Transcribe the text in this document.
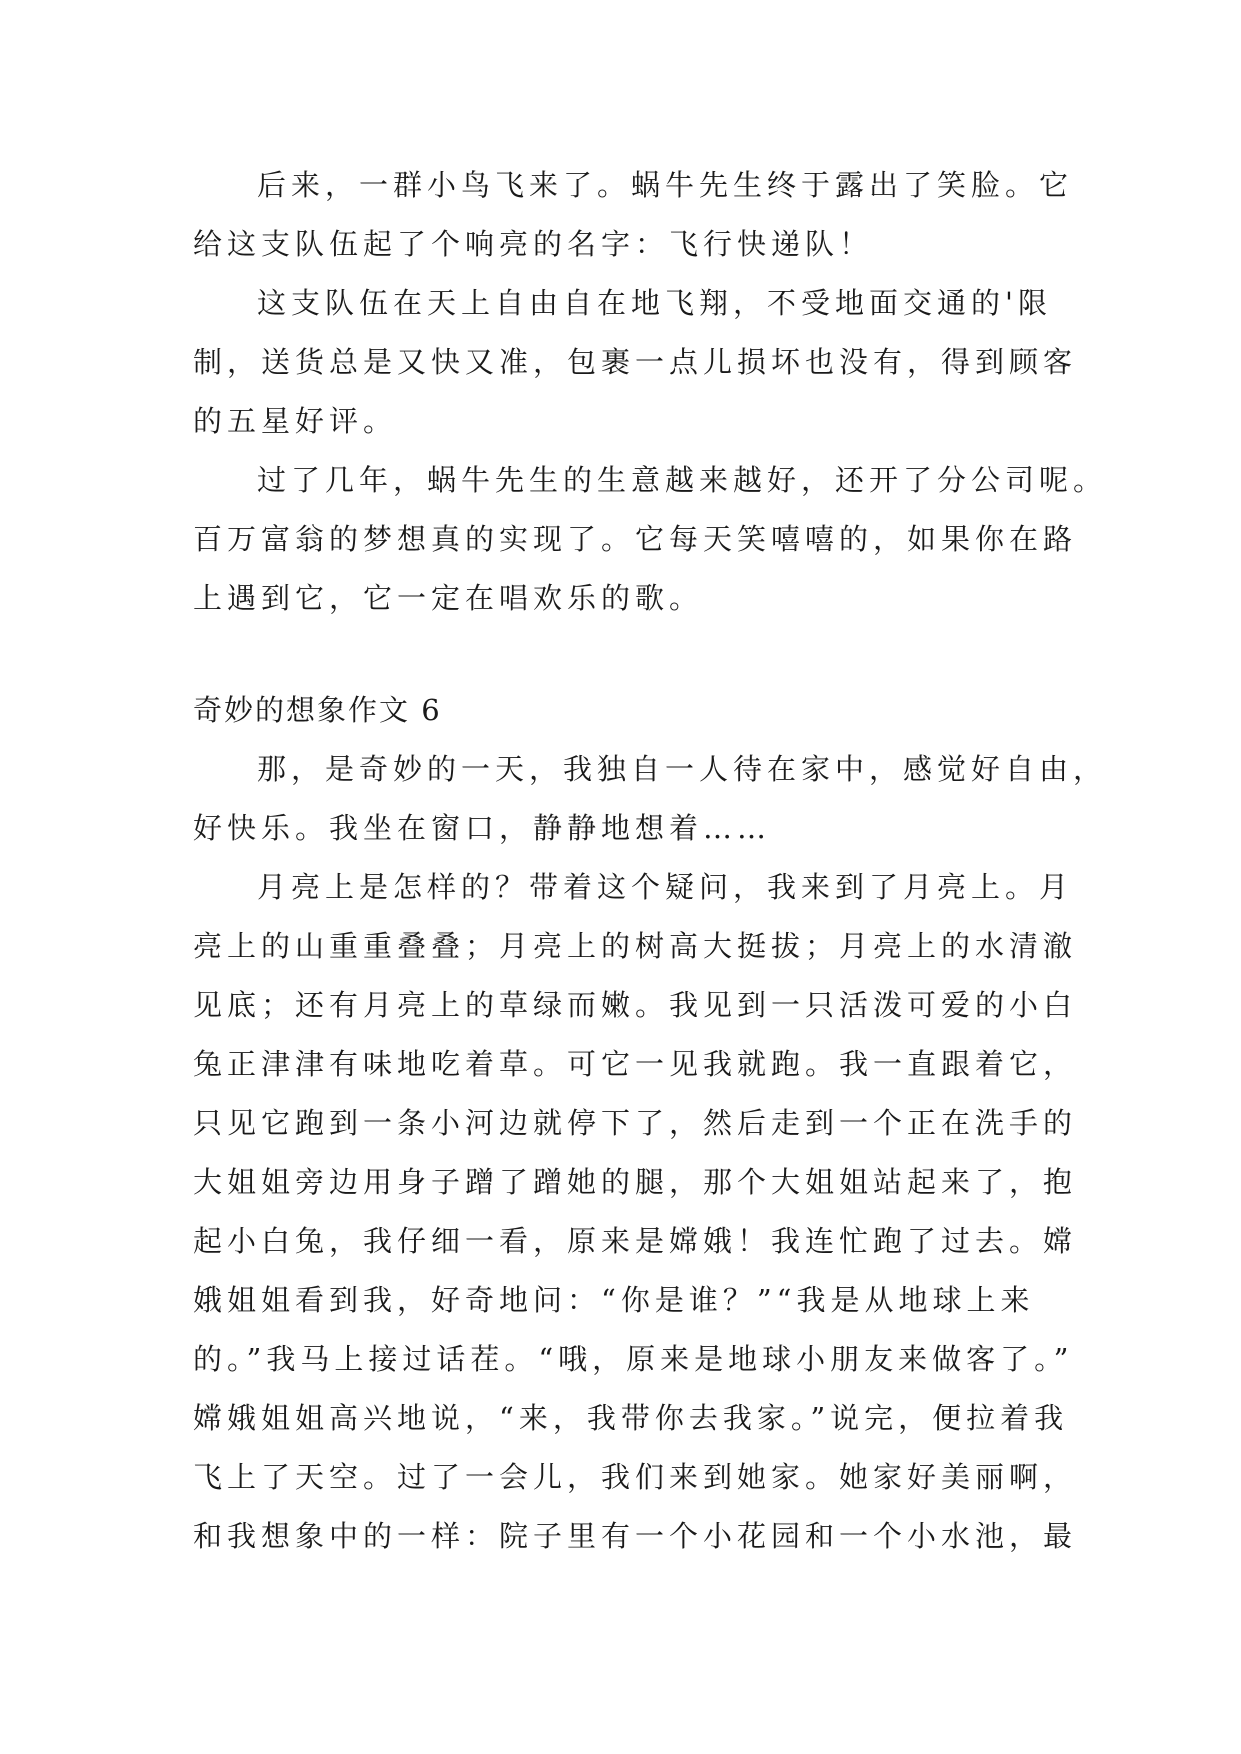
后来，一群小鸟飞来了。蜗牛先生终于露出了笑脸。它
给这支队伍起了个响亮的名字：飞行快递队！
这支队伍在天上自由自在地飞翔，不受地面交通的'限
制，送货总是又快又准，包裹一点儿损坏也没有，得到顾客
的五星好评。
过了几年，蜗牛先生的生意越来越好，还开了分公司呢。
百万富翁的梦想真的实现了。它每天笑嘻嘻的，如果你在路
上遇到它，它一定在唱欢乐的歌。
奇妙的想象作文 6
那，是奇妙的一天，我独自一人待在家中，感觉好自由，
好快乐。我坐在窗口，静静地想着……
月亮上是怎样的？带着这个疑问，我来到了月亮上。月
亮上的山重重叠叠；月亮上的树高大挺拔；月亮上的水清澈
见底；还有月亮上的草绿而嫩。我见到一只活泼可爱的小白
兔正津津有味地吃着草。可它一见我就跑。我一直跟着它，
只见它跑到一条小河边就停下了，然后走到一个正在洗手的
大姐姐旁边用身子蹭了蹭她的腿，那个大姐姐站起来了，抱
起小白兔，我仔细一看，原来是嫦娥！我连忙跑了过去。嫦
娥姐姐看到我，好奇地问：“你是谁？”“我是从地球上来
的。”我马上接过话茬。“哦，原来是地球小朋友来做客了。”
嫦娥姐姐高兴地说，“来，我带你去我家。”说完，便拉着我
飞上了天空。过了一会儿，我们来到她家。她家好美丽啊，
和我想象中的一样：院子里有一个小花园和一个小水池，最
